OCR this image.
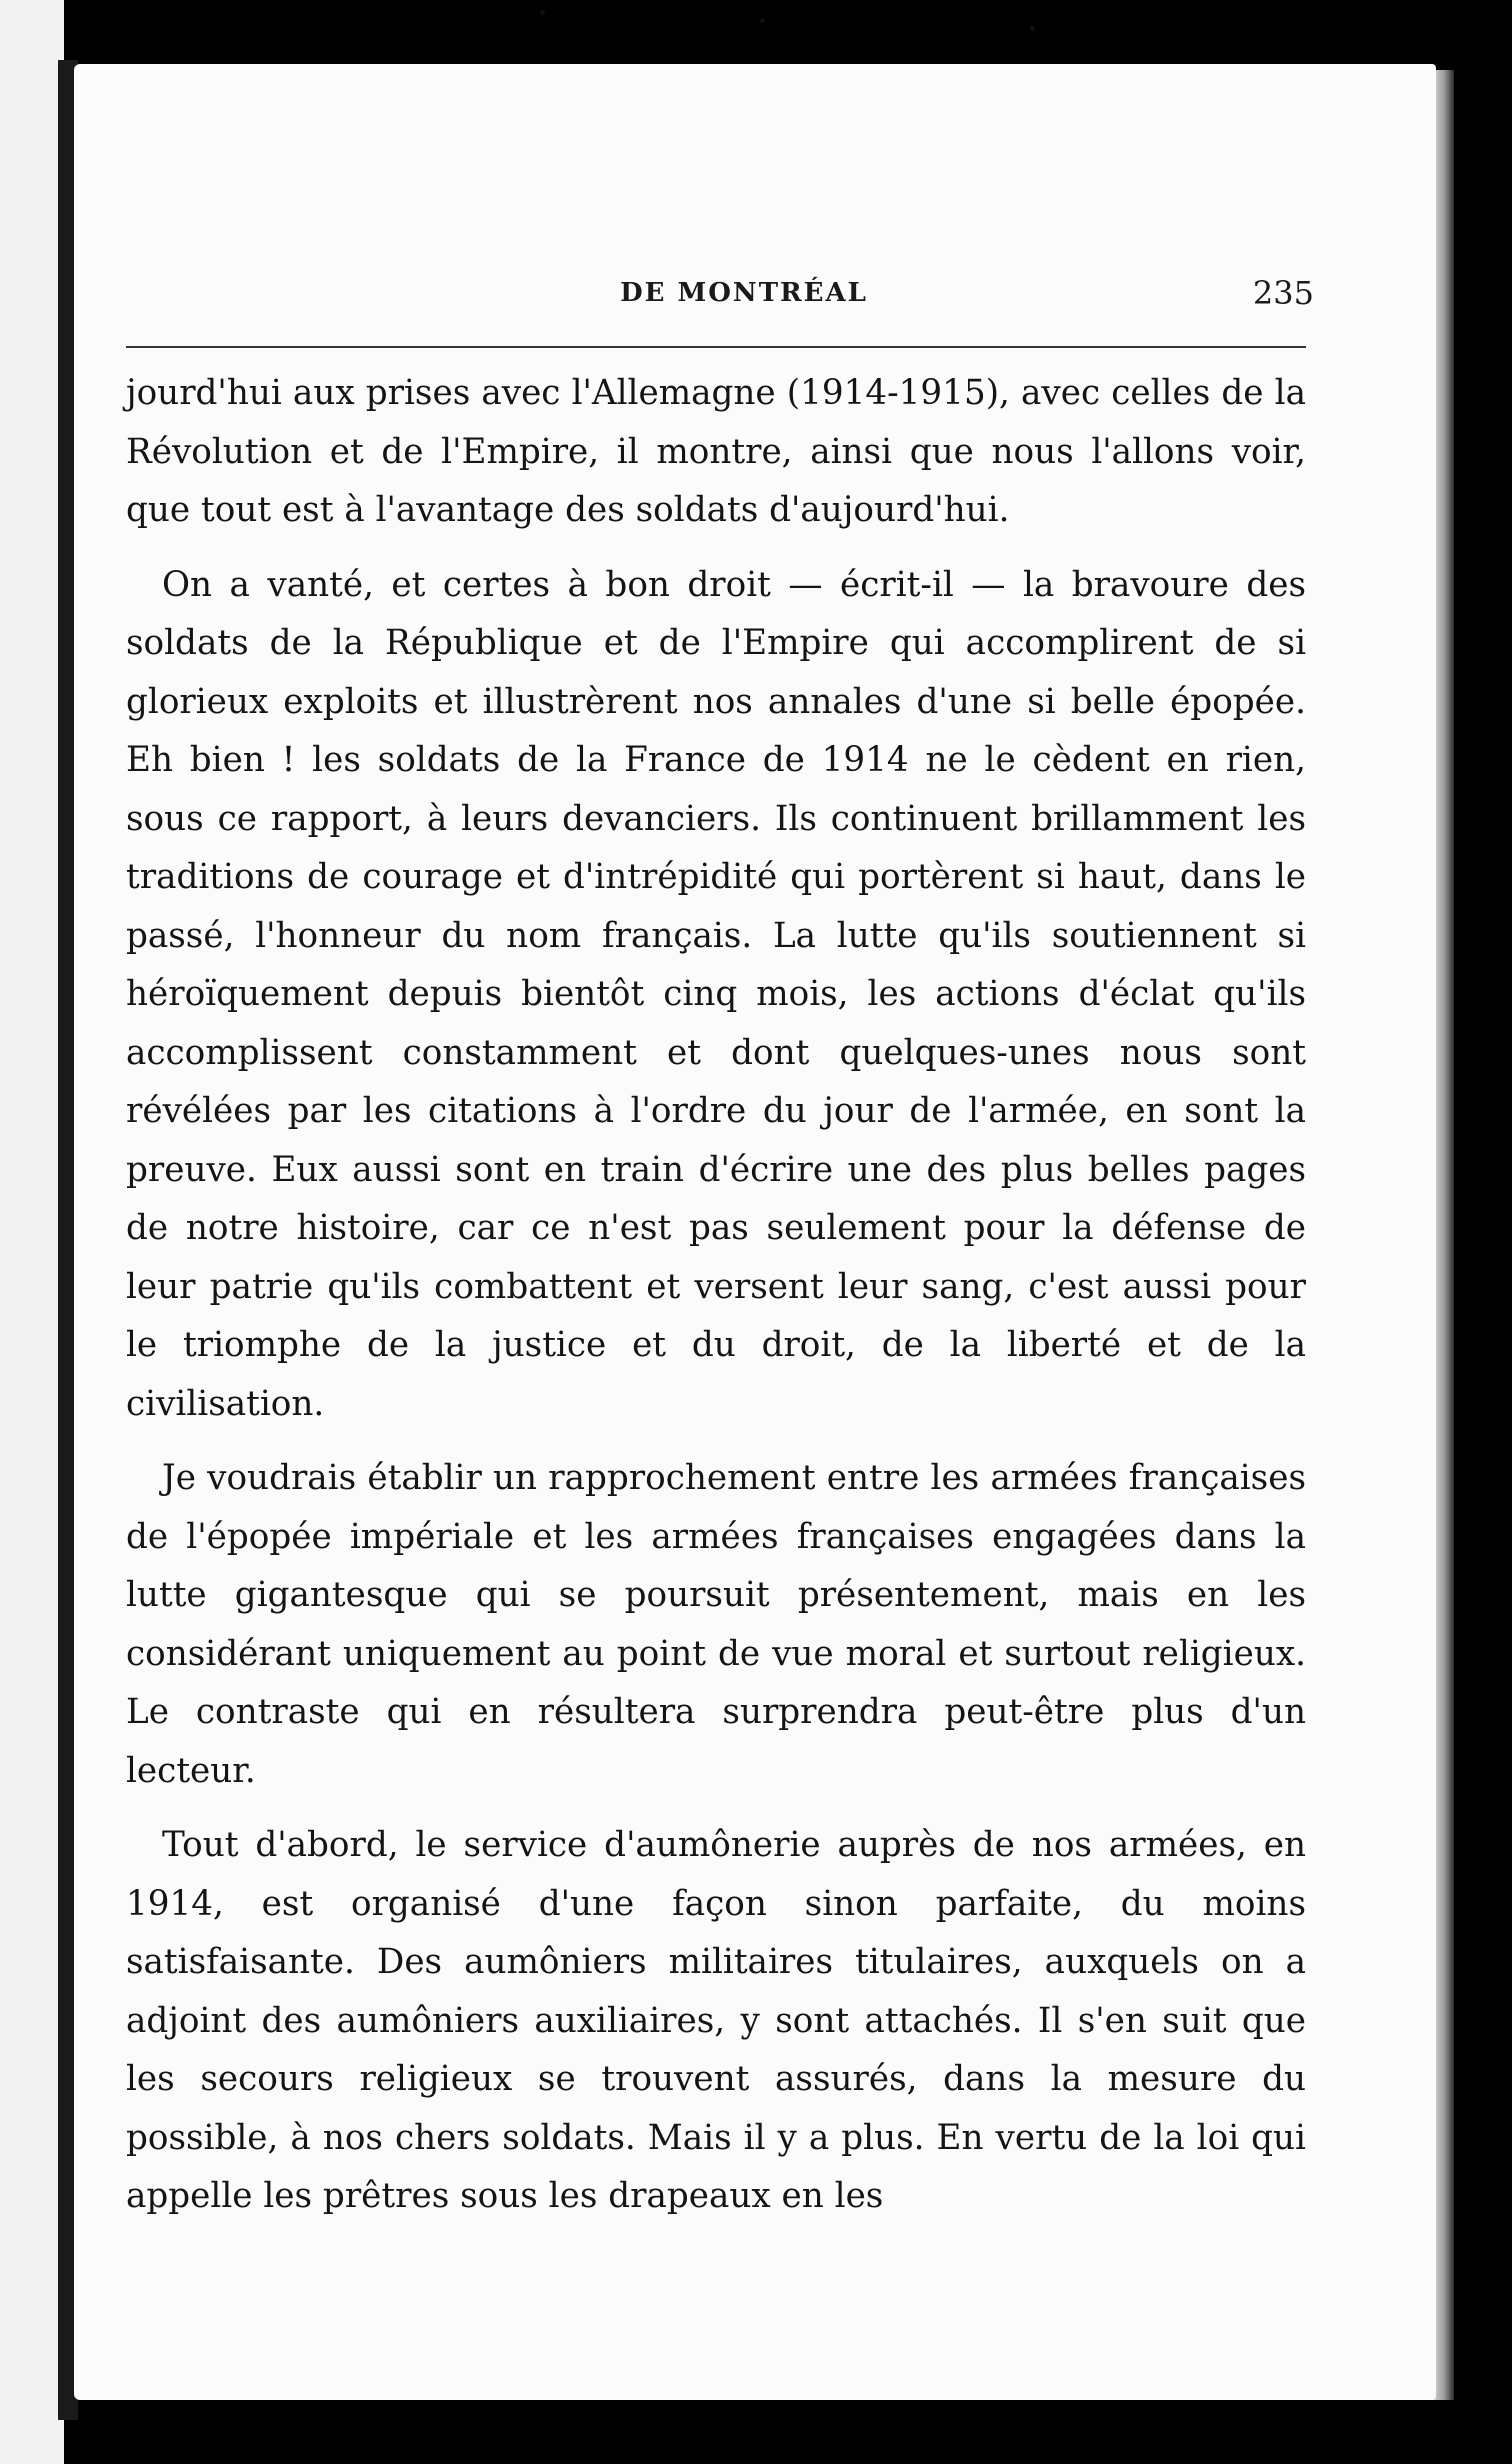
DE MONTRÉAL	235

jourd'hui aux prises avec l'Allemagne (1914-1915), avec celles de la Révolution et de l'Empire, il montre, ainsi que nous l'allons voir, que tout est à l'avantage des soldats d'aujourd'hui.

On a vanté, et certes à bon droit — écrit-il — la bravoure des soldats de la République et de l'Empire qui accomplirent de si glorieux exploits et illustrèrent nos annales d'une si belle épopée. Eh bien ! les soldats de la France de 1914 ne le cèdent en rien, sous ce rapport, à leurs devanciers. Ils continuent brillamment les traditions de courage et d'intrépidité qui portèrent si haut, dans le passé, l'honneur du nom français. La lutte qu'ils soutiennent si héroïquement depuis bientôt cinq mois, les actions d'éclat qu'ils accomplissent constamment et dont quelques-unes nous sont révélées par les citations à l'ordre du jour de l'armée, en sont la preuve. Eux aussi sont en train d'écrire une des plus belles pages de notre histoire, car ce n'est pas seulement pour la défense de leur patrie qu'ils combattent et versent leur sang, c'est aussi pour le triomphe de la justice et du droit, de la liberté et de la civilisation.

Je voudrais établir un rapprochement entre les armées françaises de l'épopée impériale et les armées françaises engagées dans la lutte gigantesque qui se poursuit présentement, mais en les considérant uniquement au point de vue moral et surtout religieux. Le contraste qui en résultera surprendra peut-être plus d'un lecteur.

Tout d'abord, le service d'aumônerie auprès de nos armées, en 1914, est organisé d'une façon sinon parfaite, du moins satisfaisante. Des aumôniers militaires titulaires, auxquels on a adjoint des aumôniers auxiliaires, y sont attachés. Il s'en suit que les secours religieux se trouvent assurés, dans la mesure du possible, à nos chers soldats. Mais il y a plus. En vertu de la loi qui appelle les prêtres sous les drapeaux en les
